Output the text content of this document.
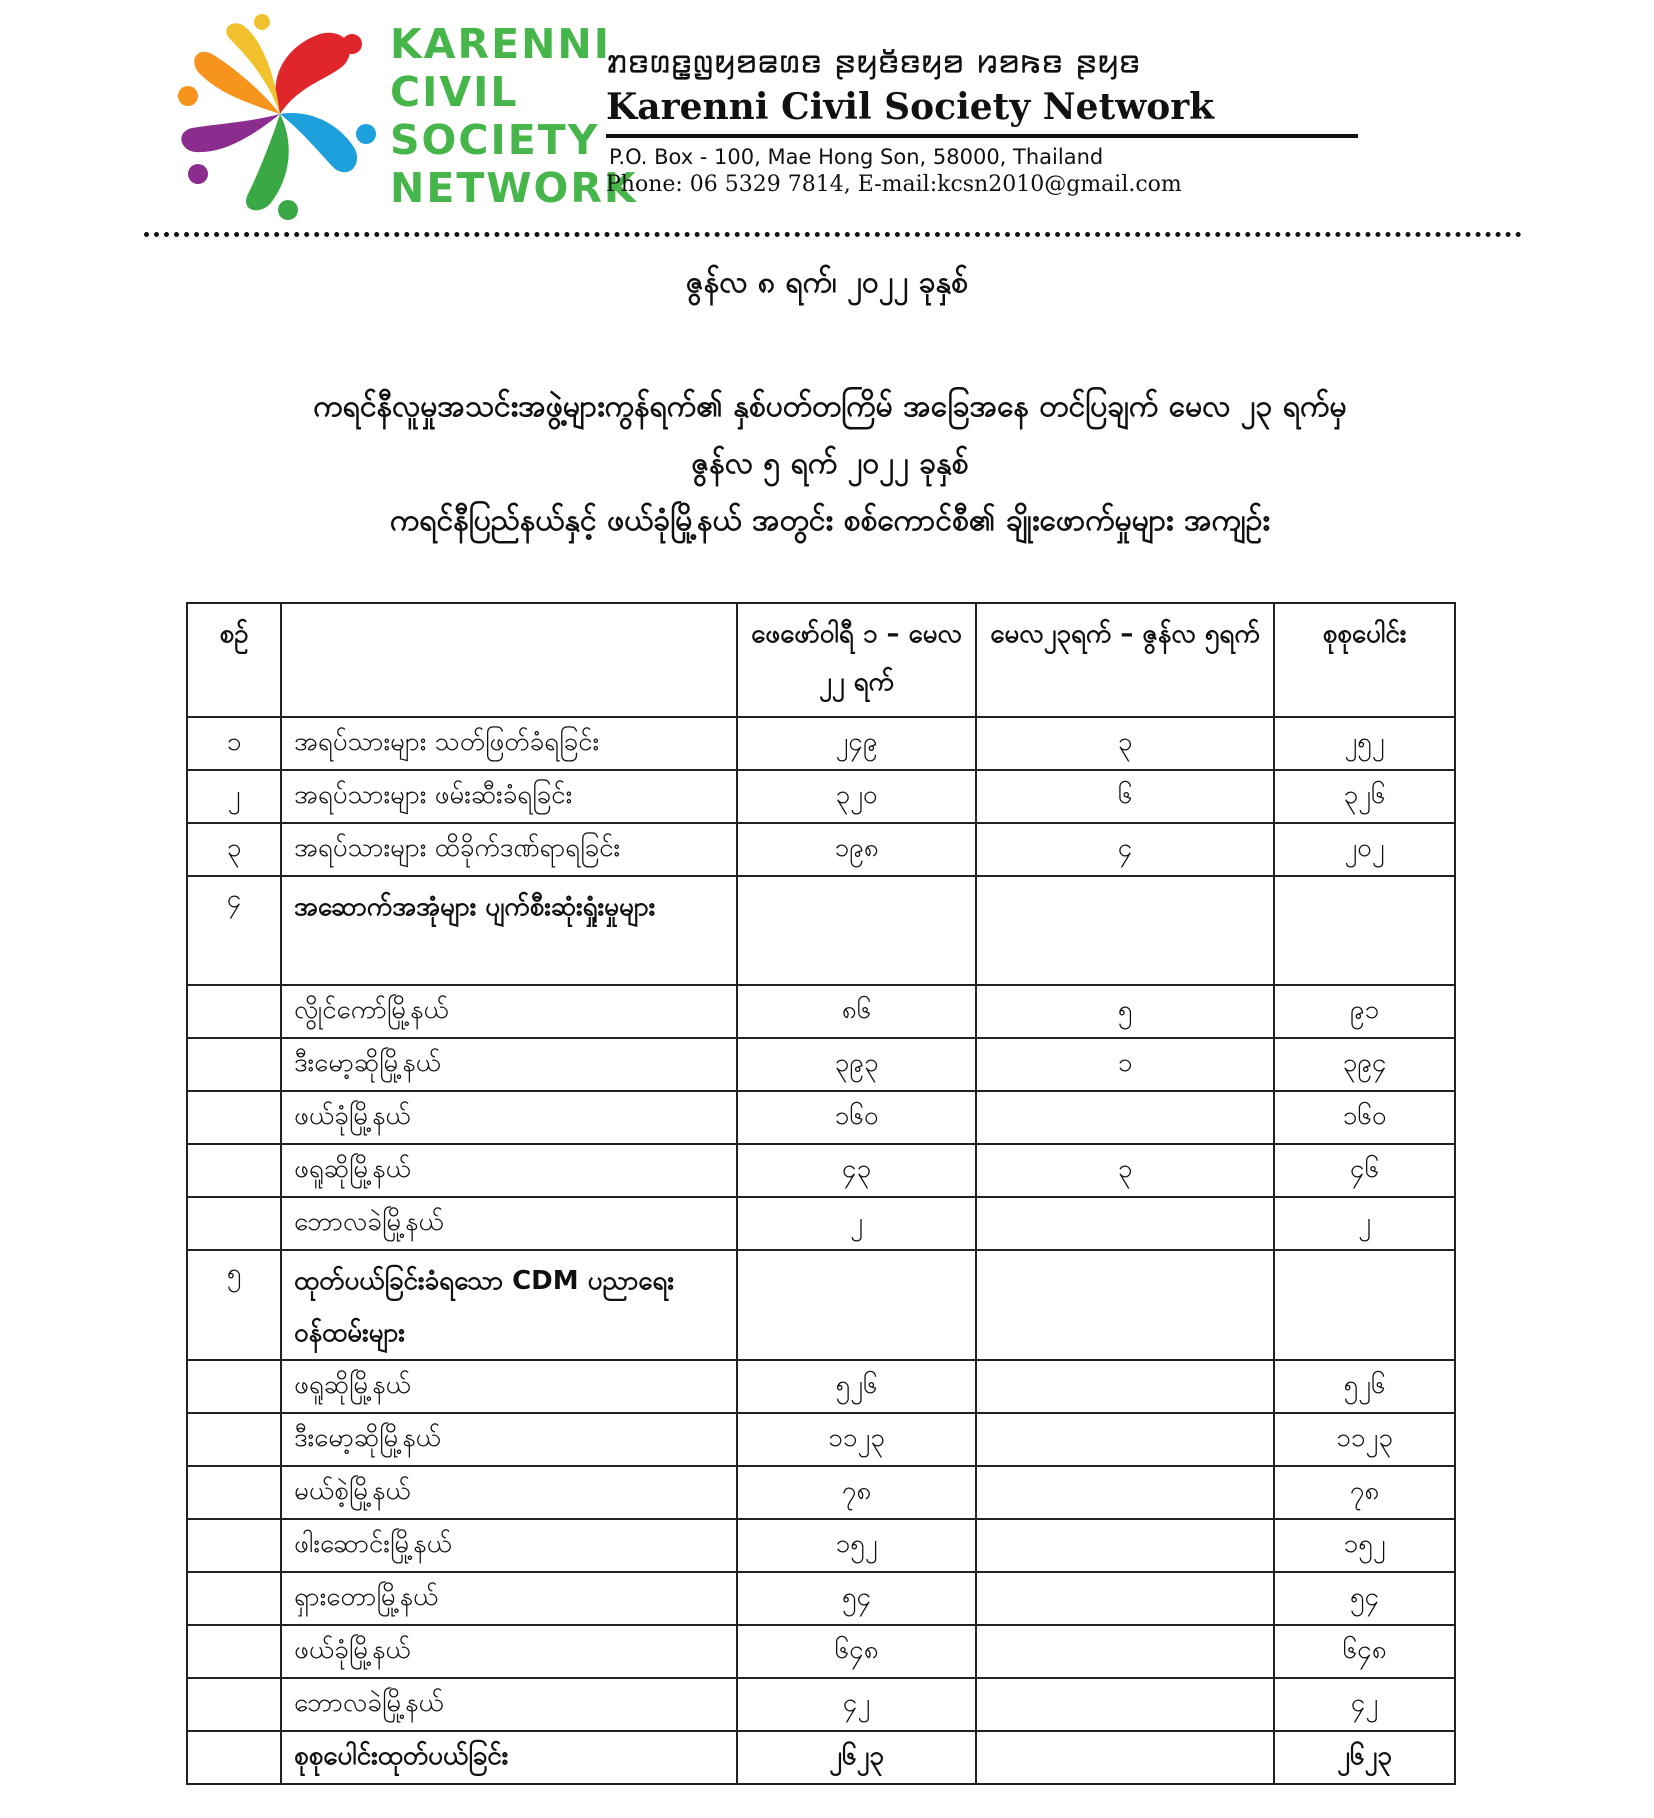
KARENNI
CIVIL
SOCIETY
NETWORK
ꤊꤢꤛꤢ꤭ꤜꤟꤤꤘꤛꤢ ꤔꤟꤢꤩꤩꤢꤟꤤ ꤙꤤꤒꤢ ꤔꤟꤢ
Karenni Civil Society Network
P.O. Box - 100, Mae Hong Son, 58000, Thailand
Phone: 06 5329 7814, E-mail:kcsn2010@gmail.com
ဇွန်လ ၈ ရက်၊ ၂၀၂၂ ခုနှစ်
ကရင်နီလူမှုအသင်းအဖွဲ့များကွန်ရက်၏ နှစ်ပတ်တကြိမ် အခြေအနေ တင်ပြချက် မေလ ၂၃ ရက်မှ
ဇွန်လ ၅ ရက် ၂၀၂၂ ခုနှစ်
ကရင်နီပြည်နယ်နှင့် ဖယ်ခုံမြို့နယ် အတွင်း စစ်ကောင်စီ၏ ချိုးဖောက်မှုများ အကျဉ်း
စဉ်		ဖေဖော်ဝါရီ ၁ – မေလ ၂၂ ရက်	မေလ၂၃ရက် – ဇွန်လ ၅ရက်	စုစုပေါင်း
၁	အရပ်သားများ သတ်ဖြတ်ခံရခြင်း	၂၄၉	၃	၂၅၂
၂	အရပ်သားများ ဖမ်းဆီးခံရခြင်း	၃၂၀	၆	၃၂၆
၃	အရပ်သားများ ထိခိုက်ဒဏ်ရာရခြင်း	၁၉၈	၄	၂၀၂
၄	အဆောက်အအုံများ ပျက်စီးဆုံးရှုံးမှုများ			
	လွိုင်ကော်မြို့နယ်	၈၆	၅	၉၁
	ဒီးမော့ဆိုမြို့နယ်	၃၉၃	၁	၃၉၄
	ဖယ်ခုံမြို့နယ်	၁၆၀		၁၆၀
	ဖရူဆိုမြို့နယ်	၄၃	၃	၄၆
	ဘောလခဲမြို့နယ်	၂		၂
၅	ထုတ်ပယ်ခြင်းခံရသော CDM ပညာရေးဝန်ထမ်းများ			
	ဖရူဆိုမြို့နယ်	၅၂၆		၅၂၆
	ဒီးမော့ဆိုမြို့နယ်	၁၁၂၃		၁၁၂၃
	မယ်စဲ့မြို့နယ်	၇၈		၇၈
	ဖါးဆောင်းမြို့နယ်	၁၅၂		၁၅၂
	ရှားတောမြို့နယ်	၅၄		၅၄
	ဖယ်ခုံမြို့နယ်	၆၄၈		၆၄၈
	ဘောလခဲမြို့နယ်	၄၂		၄၂
	စုစုပေါင်းထုတ်ပယ်ခြင်း	၂၆၂၃		၂၆၂၃
